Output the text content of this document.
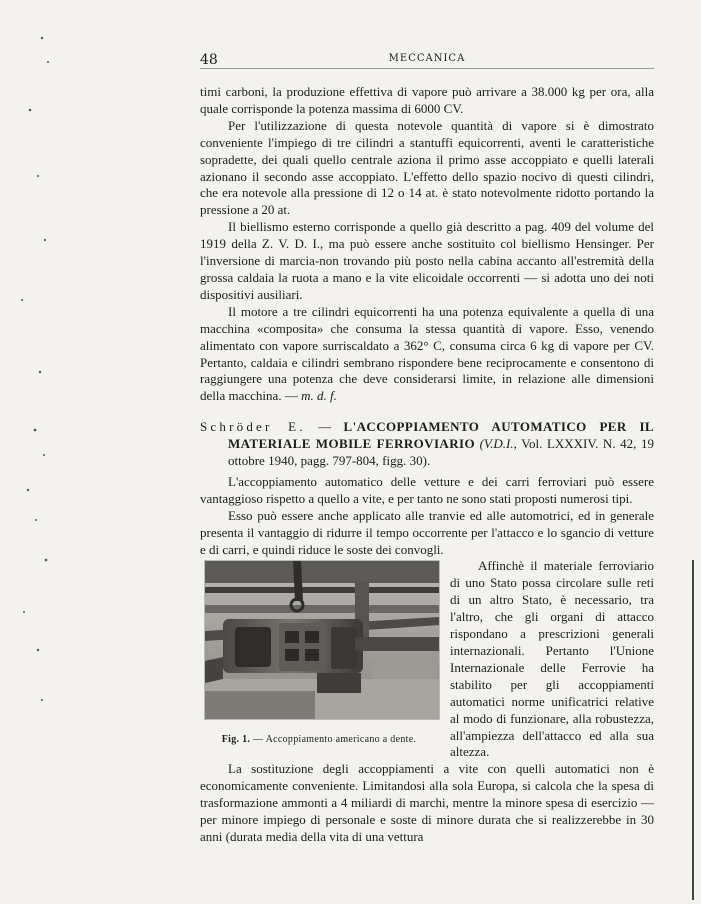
48	MECCANICA

timi carboni, la produzione effettiva di vapore può arrivare a 38.000 kg per ora, alla quale corrisponde la potenza massima di 6000 CV.

Per l'utilizzazione di questa notevole quantità di vapore si è dimostrato conveniente l'impiego di tre cilindri a stantuffi equicorrenti, aventi le caratteristiche sopradette, dei quali quello centrale aziona il primo asse accoppiato e quelli laterali azionano il secondo asse accoppiato. L'effetto dello spazio nocivo di questi cilindri, che era notevole alla pressione di 12 o 14 at. è stato notevolmente ridotto portando la pressione a 20 at.

Il biellismo esterno corrisponde a quello già descritto a pag. 409 del volume del 1919 della Z. V. D. I., ma può essere anche sostituito col biellismo Hensinger. Per l'inversione di marcia-non trovando più posto nella cabina accanto all'estremità della grossa caldaia la ruota a mano e la vite elicoidale occorrenti — si adotta uno dei noti dispositivi ausiliari.

Il motore a tre cilindri equicorrenti ha una potenza equivalente a quella di una macchina «composita» che consuma la stessa quantità di vapore. Esso, venendo alimentato con vapore surriscaldato a 362° C, consuma circa 6 kg di vapore per CV. Pertanto, caldaia e cilindri sembrano rispondere bene reciprocamente e consentono di raggiungere una potenza che deve considerarsi limite, in relazione alle dimensioni della macchina. — m. d. f.

Schröder E. — L'ACCOPPIAMENTO AUTOMATICO PER IL MATERIALE MOBILE FERROVIARIO (V.D.I., Vol. LXXXIV. N. 42, 19 ottobre 1940, pagg. 797-804, figg. 30).

L'accoppiamento automatico delle vetture e dei carri ferroviari può essere vantaggioso rispetto a quello a vite, e per tanto ne sono stati proposti numerosi tipi.

Esso può essere anche applicato alle tranvie ed alle automotrici, ed in generale presenta il vantaggio di ridurre il tempo occorrente per l'attacco e lo sgancio di vetture e di carri, e quindi riduce le soste dei convogli.

Fig. 1. — Accoppiamento americano a dente.

Affinchè il materiale ferroviario di uno Stato possa circolare sulle reti di un altro Stato, è necessario, tra l'altro, che gli organi di attacco rispondano a prescrizioni generali internazionali. Pertanto l'Unione Internazionale delle Ferrovie ha stabilito per gli accoppiamenti automatici norme unificatrici relative al modo di funzionare, alla robustezza, all'ampiezza dell'attacco ed alla sua altezza.

La sostituzione degli accoppiamenti a vite con quelli automatici non è economicamente conveniente. Limitandosi alla sola Europa, si calcola che la spesa di trasformazione ammonti a 4 miliardi di marchi, mentre la minore spesa di esercizio — per minore impiego di personale e soste di minore durata che si realizzerebbe in 30 anni (durata media della vita di una vettura
